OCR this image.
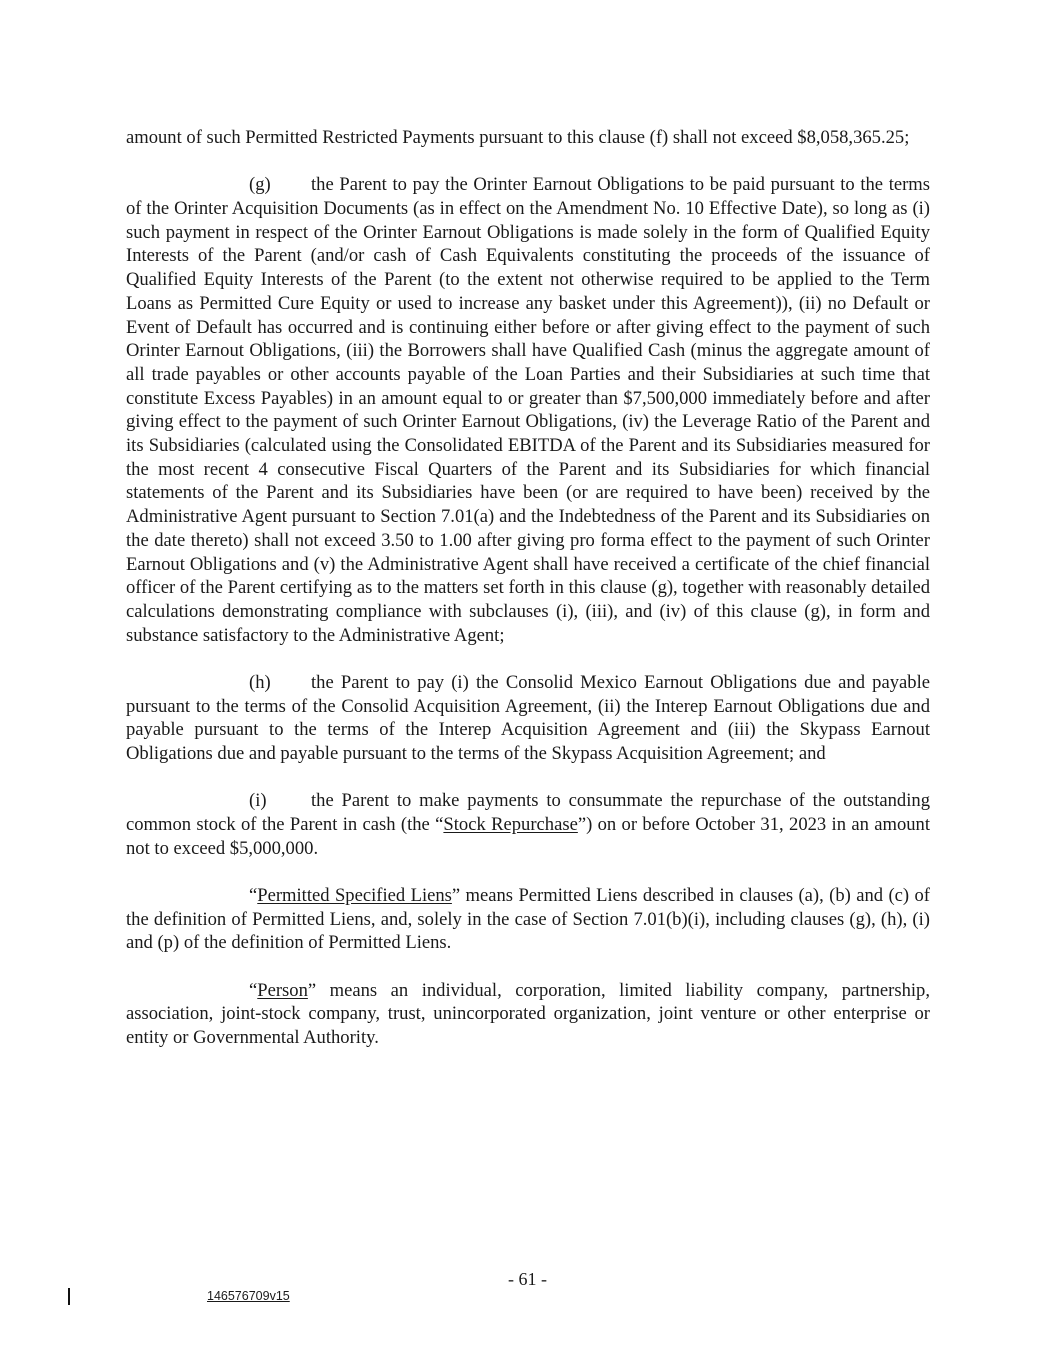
amount of such Permitted Restricted Payments pursuant to this clause (f) shall not exceed $8,058,365.25;

(g) the Parent to pay the Orinter Earnout Obligations to be paid pursuant to the terms of the Orinter Acquisition Documents (as in effect on the Amendment No. 10 Effective Date), so long as (i) such payment in respect of the Orinter Earnout Obligations is made solely in the form of Qualified Equity Interests of the Parent (and/or cash of Cash Equivalents constituting the proceeds of the issuance of Qualified Equity Interests of the Parent (to the extent not otherwise required to be applied to the Term Loans as Permitted Cure Equity or used to increase any basket under this Agreement)), (ii) no Default or Event of Default has occurred and is continuing either before or after giving effect to the payment of such Orinter Earnout Obligations, (iii) the Borrowers shall have Qualified Cash (minus the aggregate amount of all trade payables or other accounts payable of the Loan Parties and their Subsidiaries at such time that constitute Excess Payables) in an amount equal to or greater than $7,500,000 immediately before and after giving effect to the payment of such Orinter Earnout Obligations, (iv) the Leverage Ratio of the Parent and its Subsidiaries (calculated using the Consolidated EBITDA of the Parent and its Subsidiaries measured for the most recent 4 consecutive Fiscal Quarters of the Parent and its Subsidiaries for which financial statements of the Parent and its Subsidiaries have been (or are required to have been) received by the Administrative Agent pursuant to Section 7.01(a) and the Indebtedness of the Parent and its Subsidiaries on the date thereto) shall not exceed 3.50 to 1.00 after giving pro forma effect to the payment of such Orinter Earnout Obligations and (v) the Administrative Agent shall have received a certificate of the chief financial officer of the Parent certifying as to the matters set forth in this clause (g), together with reasonably detailed calculations demonstrating compliance with subclauses (i), (iii), and (iv) of this clause (g), in form and substance satisfactory to the Administrative Agent;

(h) the Parent to pay (i) the Consolid Mexico Earnout Obligations due and payable pursuant to the terms of the Consolid Acquisition Agreement, (ii) the Interep Earnout Obligations due and payable pursuant to the terms of the Interep Acquisition Agreement and (iii) the Skypass Earnout Obligations due and payable pursuant to the terms of the Skypass Acquisition Agreement; and

(i) the Parent to make payments to consummate the repurchase of the outstanding common stock of the Parent in cash (the “Stock Repurchase”) on or before October 31, 2023 in an amount not to exceed $5,000,000.

“Permitted Specified Liens” means Permitted Liens described in clauses (a), (b) and (c) of the definition of Permitted Liens, and, solely in the case of Section 7.01(b)(i), including clauses (g), (h), (i) and (p) of the definition of Permitted Liens.

“Person” means an individual, corporation, limited liability company, partnership, association, joint-stock company, trust, unincorporated organization, joint venture or other enterprise or entity or Governmental Authority.

- 61 -
146576709v15
